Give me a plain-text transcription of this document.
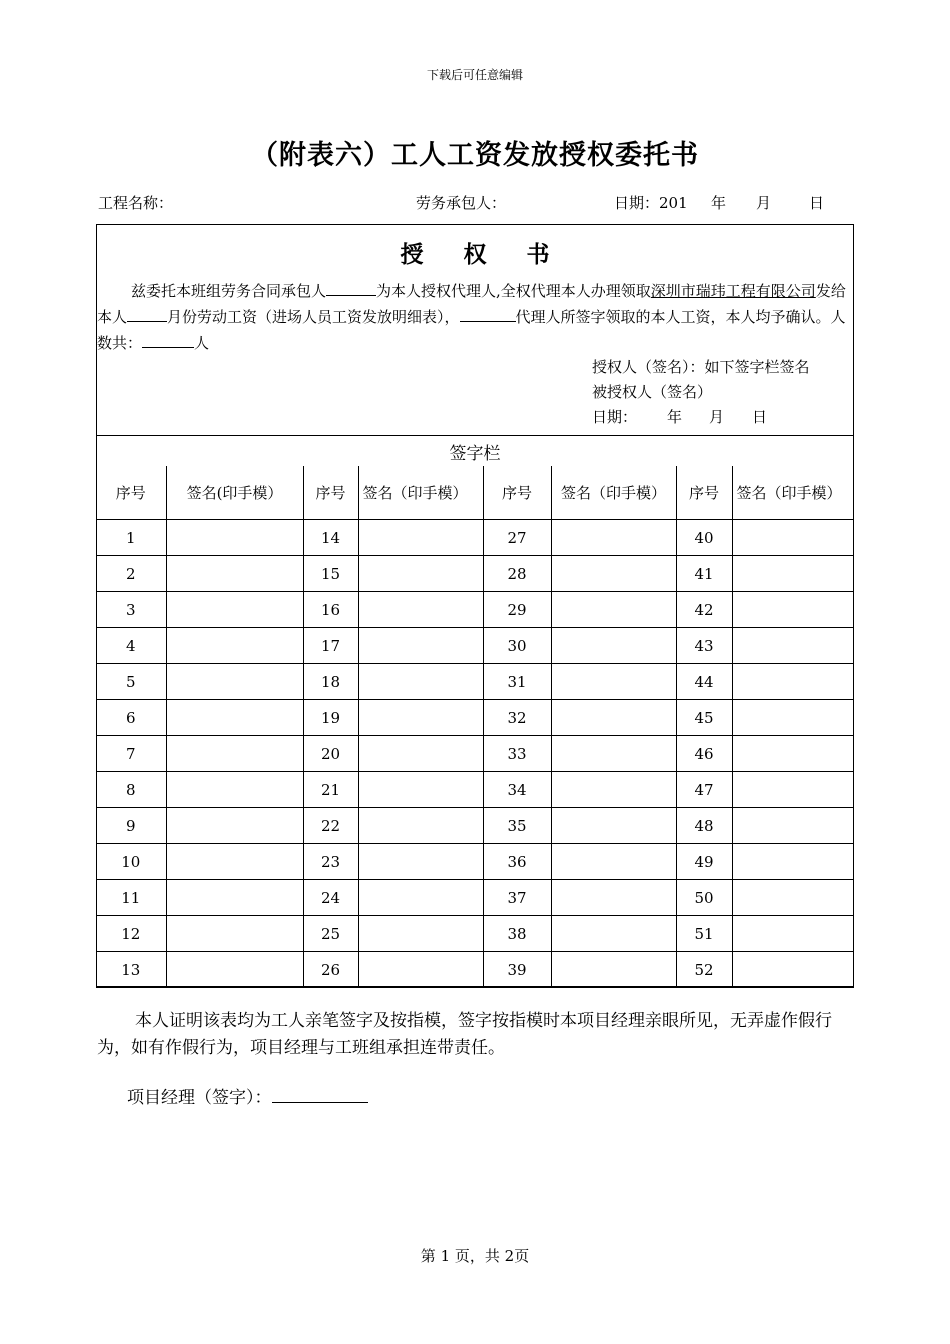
下载后可任意编辑
（附表六）工人工资发放授权委托书
工程名称：	劳务承包人：	日期：201 年 月	日
授 权 书
兹委托本班组劳务合同承包人	为本人授权代理人,全权代理本人办理领取深圳市瑞玮工程有限公司发给本人	月份劳动工资（进场人员工资发放明细表），	代理人所签字领取的本人工资，本人均予确认。人数共：	人
授权人（签名）：如下签字栏签名
被授权人（签名）
日期： 年 月 日
签字栏
序号	签名(印手模）	序号	签名（印手模）	序号	签名（印手模）	序号	签名（印手模）
1		14		27		40	
2		15		28		41	
3		16		29		42	
4		17		30		43	
5		18		31		44	
6		19		32		45	
7		20		33		46	
8		21		34		47	
9		22		35		48	
10		23		36		49	
11		24		37		50	
12		25		38		51	
13		26		39		52	
本人证明该表均为工人亲笔签字及按指模，签字按指模时本项目经理亲眼所见，无弄虚作假行为，如有作假行为，项目经理与工班组承担连带责任。
项目经理（签字）：
第 1 页，共 2页
